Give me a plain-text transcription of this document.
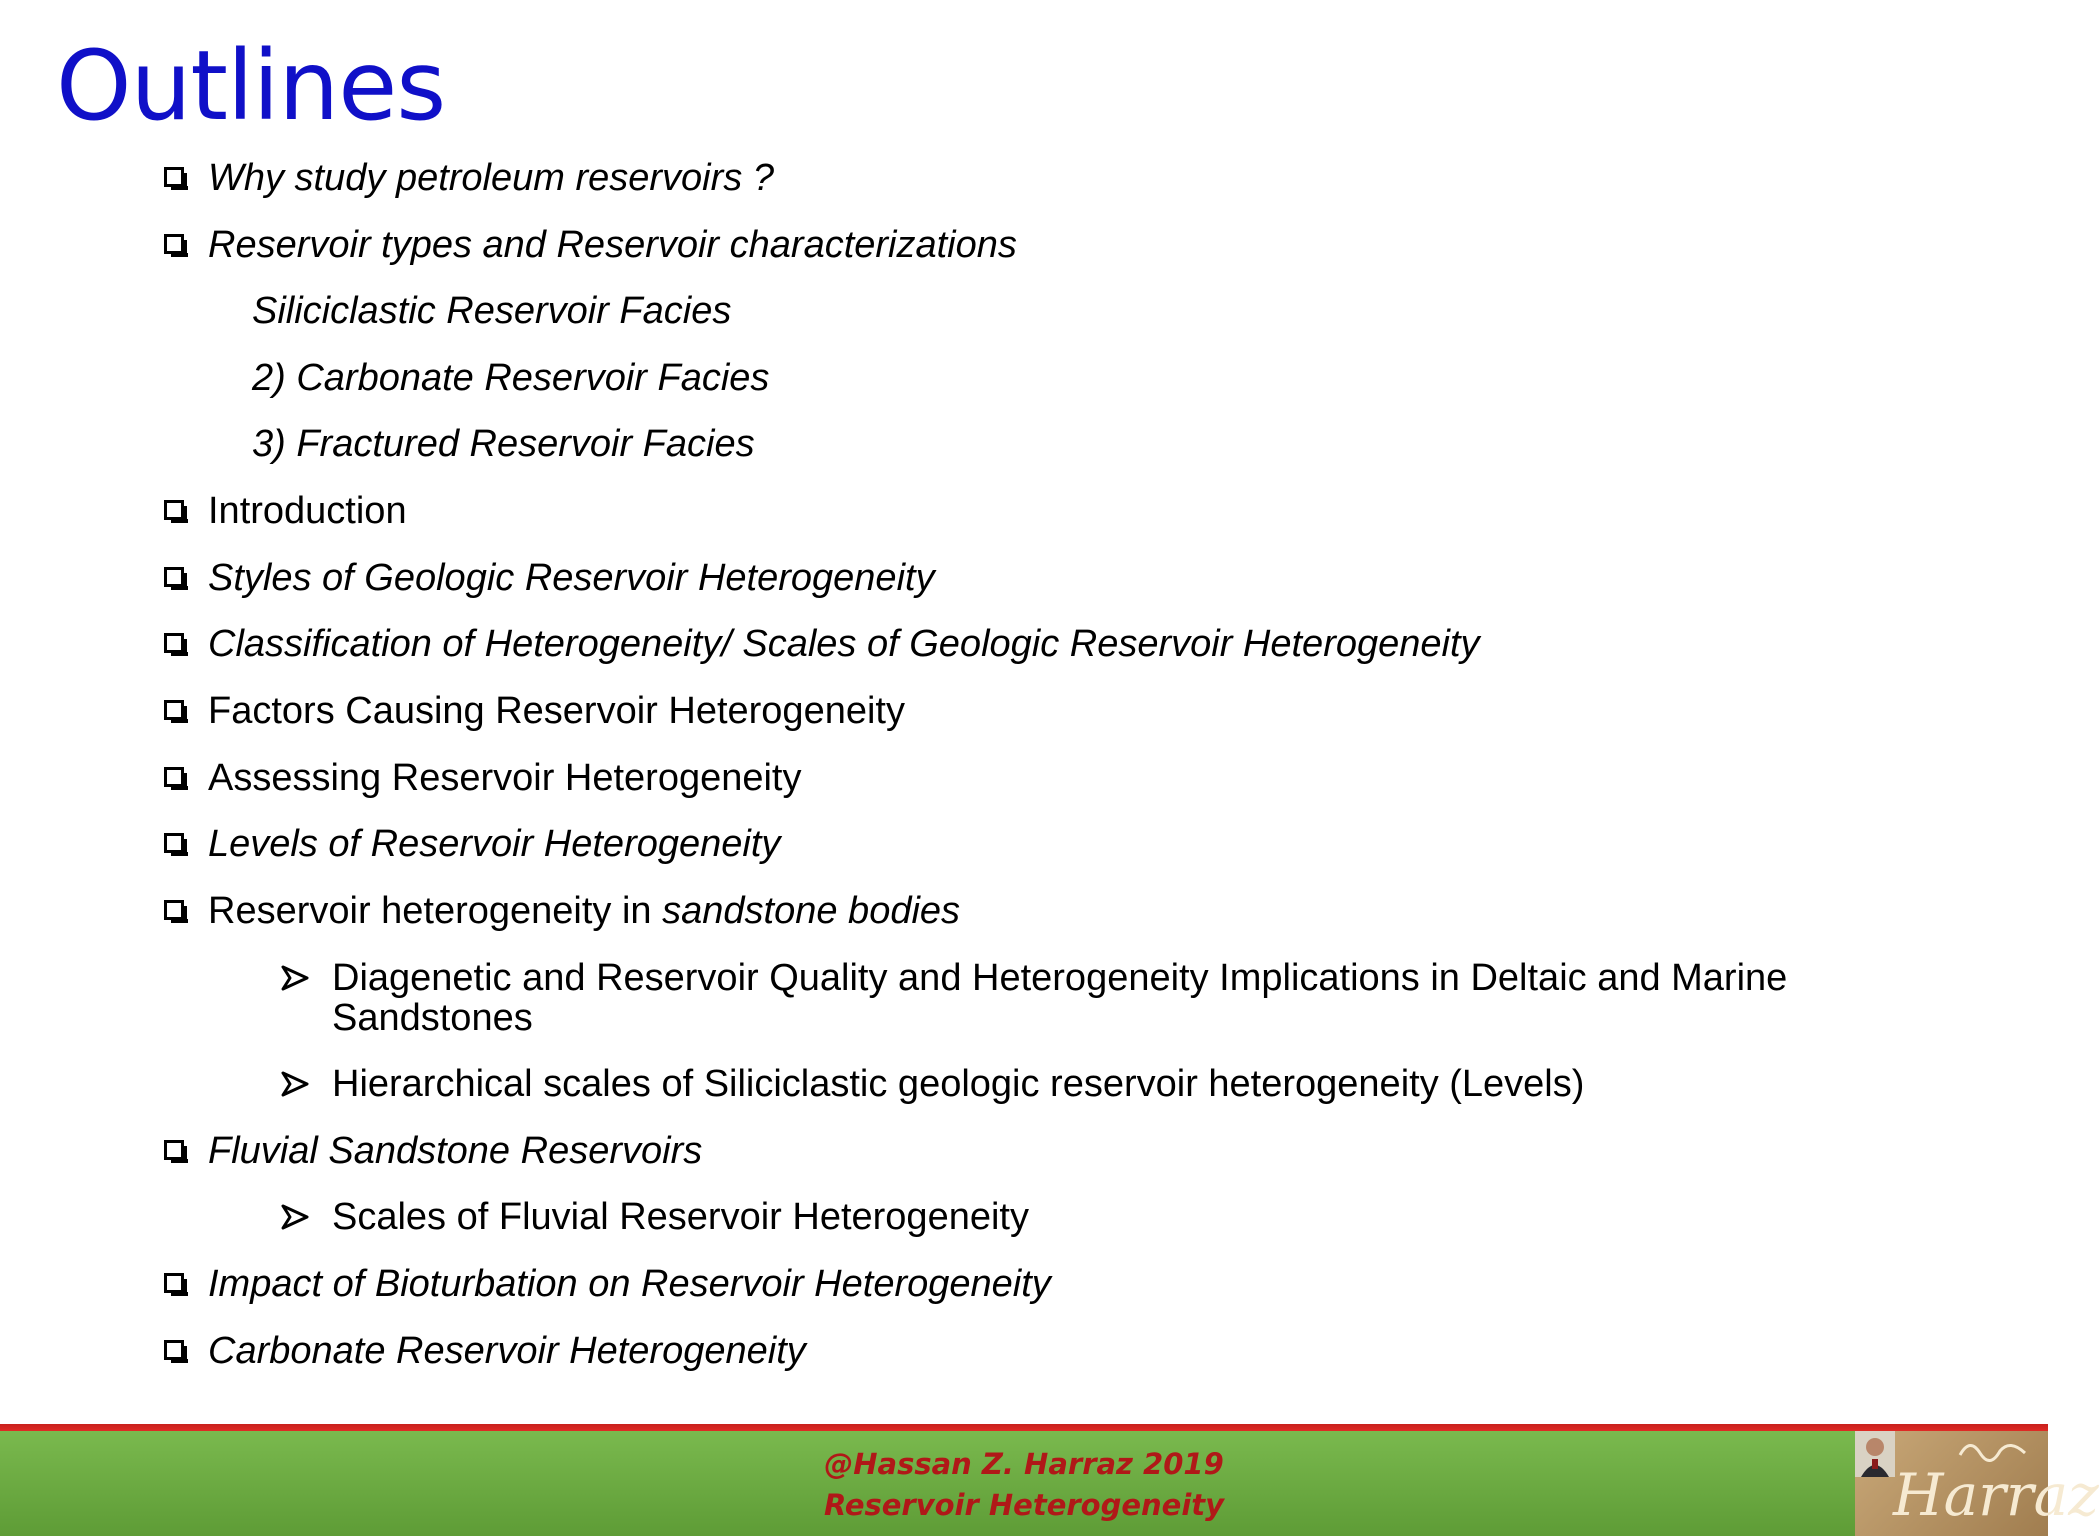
Outlines
Why study petroleum reservoirs ?
Reservoir types and Reservoir characterizations
Siliciclastic Reservoir Facies
2) Carbonate Reservoir Facies
3) Fractured Reservoir Facies
Introduction
Styles of Geologic Reservoir Heterogeneity
Classification of Heterogeneity/ Scales of Geologic Reservoir Heterogeneity
Factors Causing Reservoir Heterogeneity
Assessing Reservoir Heterogeneity
Levels of Reservoir Heterogeneity
Reservoir heterogeneity in sandstone bodies
Diagenetic and Reservoir Quality and Heterogeneity Implications in Deltaic and Marine Sandstones
Hierarchical scales of Siliciclastic geologic reservoir heterogeneity (Levels)
Fluvial Sandstone Reservoirs
Scales of Fluvial Reservoir Heterogeneity
Impact of Bioturbation on Reservoir Heterogeneity
Carbonate Reservoir Heterogeneity
@Hassan Z. Harraz 2019
Reservoir Heterogeneity	Harraz
